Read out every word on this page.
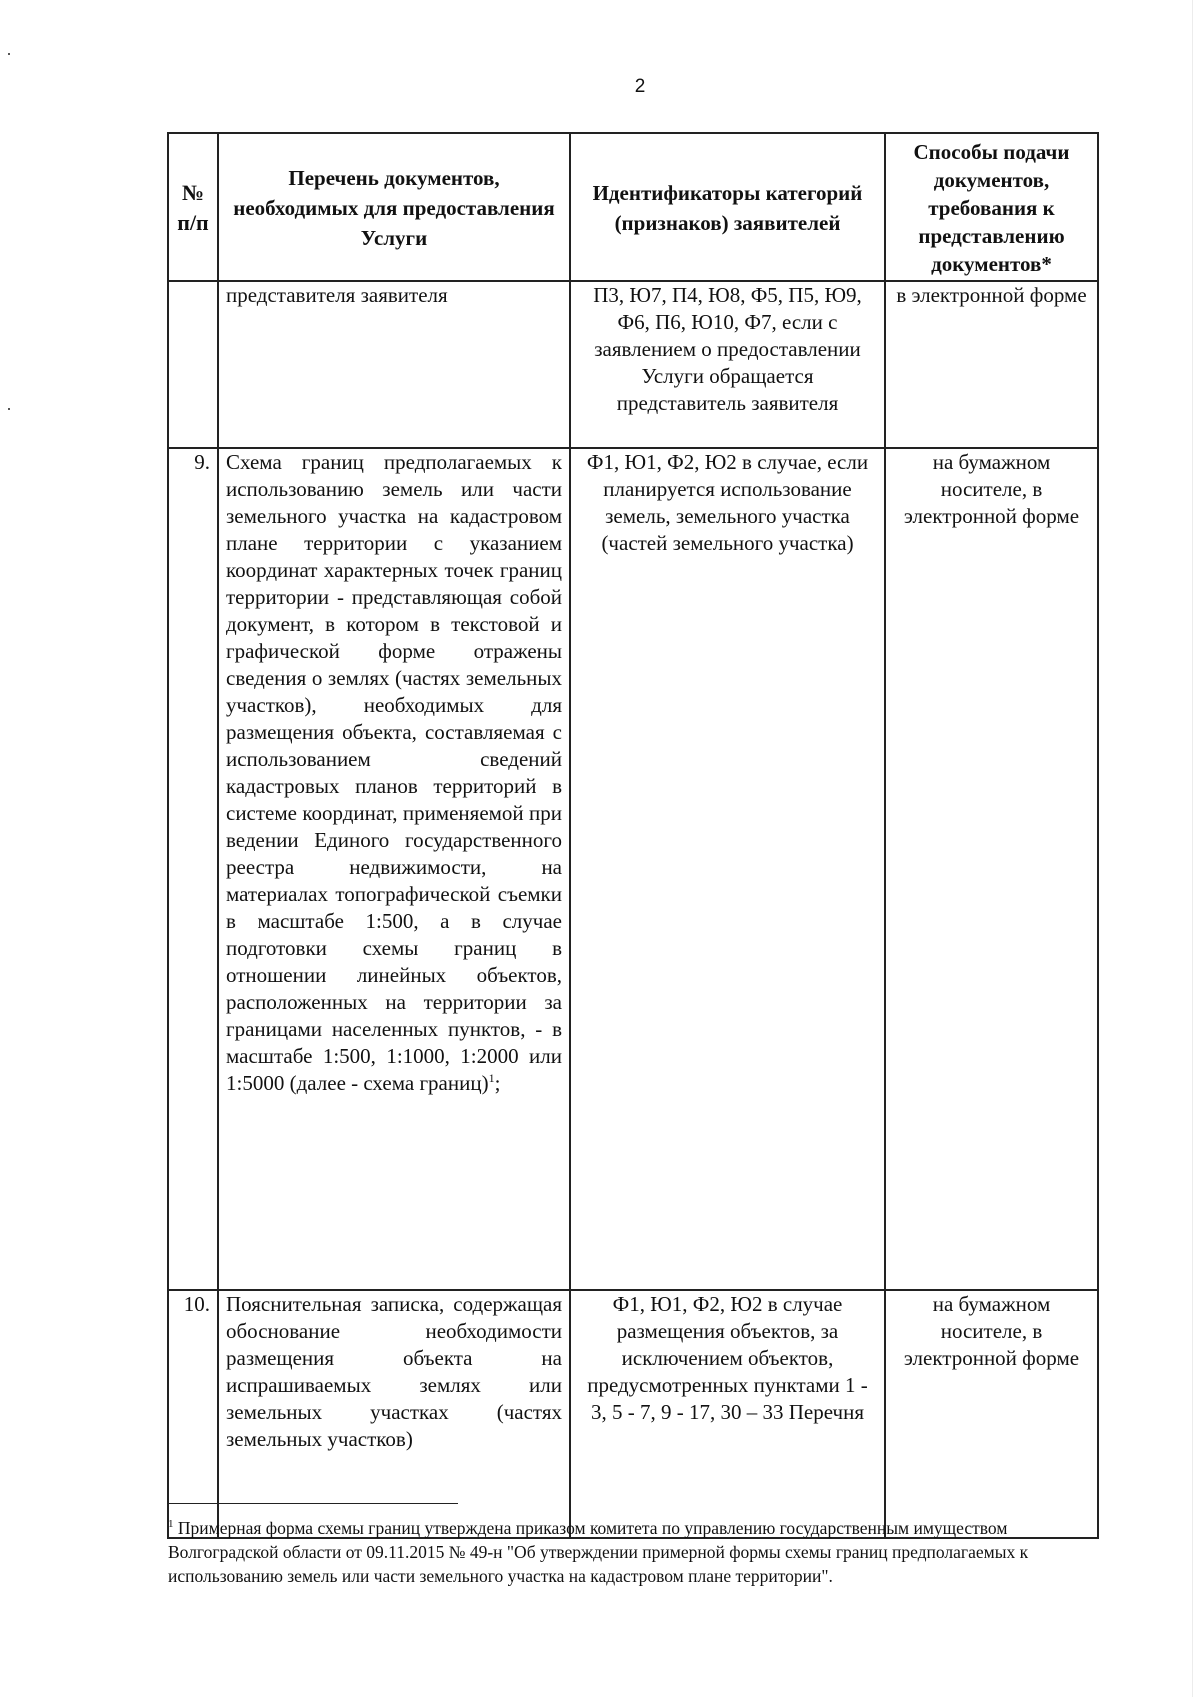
2
№ п/п	Перечень документов, необходимых для предоставления Услуги	Идентификаторы категорий (признаков) заявителей	Способы подачи документов, требования к представлению документов*
	представителя заявителя	П3, Ю7, П4, Ю8, Ф5, П5, Ю9, Ф6, П6, Ю10, Ф7, если с заявлением о предоставлении Услуги обращается представитель заявителя	в электронной форме
9.	Схема границ предполагаемых к использованию земель или части земельного участка на кадастровом плане территории с указанием координат характерных точек границ территории - представляющая собой документ, в котором в текстовой и графической форме отражены сведения о землях (частях земельных участков), необходимых для размещения объекта, составляемая с использованием сведений кадастровых планов территорий в системе координат, применяемой при ведении Единого государственного реестра недвижимости, на материалах топографической съемки в масштабе 1:500, а в случае подготовки схемы границ в отношении линейных объектов, расположенных на территории за границами населенных пунктов, - в масштабе 1:500, 1:1000, 1:2000 или 1:5000 (далее - схема границ)$^1$;	Ф1, Ю1, Ф2, Ю2 в случае, если планируется использование земель, земельного участка (частей земельного участка)	на бумажном носителе, в электронной форме
10.	Пояснительная записка, содержащая обоснование необходимости размещения объекта на испрашиваемых землях или земельных участках (частях земельных участков)	Ф1, Ю1, Ф2, Ю2 в случае размещения объектов, за исключением объектов, предусмотренных пунктами 1 - 3, 5 - 7, 9 - 17, 30 – 33 Перечня	на бумажном носителе, в электронной форме
$^1$ Примерная форма схемы границ утверждена приказом комитета по управлению государственным имуществом Волгоградской области от 09.11.2015 № 49-н "Об утверждении примерной формы схемы границ предполагаемых к использованию земель или части земельного участка на кадастровом плане территории".
